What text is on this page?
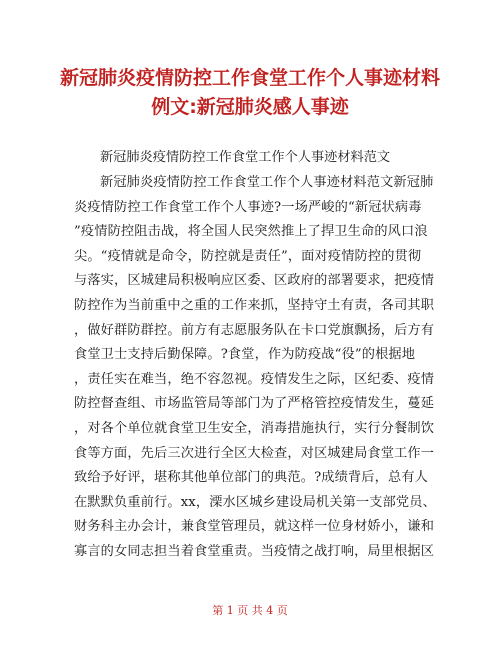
新冠肺炎疫情防控工作食堂工作个人事迹材料
例文:新冠肺炎感人事迹

新冠肺炎疫情防控工作食堂工作个人事迹材料范文

新冠肺炎疫情防控工作食堂工作个人事迹材料范文新冠肺
炎疫情防控工作食堂工作个人事迹?一场严峻的“新冠状病毒
”疫情防控阻击战，将全国人民突然推上了捍卫生命的风口浪
尖。“疫情就是命令，防控就是责任”，面对疫情防控的贯彻
与落实，区城建局积极响应区委、区政府的部署要求，把疫情
防控作为当前重中之重的工作来抓，坚持守土有责，各司其职
，做好群防群控。前方有志愿服务队在卡口党旗飘扬，后方有
食堂卫士支持后勤保障。?食堂，作为防疫战“役”的根据地
，责任实在难当，绝不容忽视。疫情发生之际，区纪委、疫情
防控督查组、市场监管局等部门为了严格管控疫情发生，蔓延
，对各个单位就食堂卫生安全，消毒措施执行，实行分餐制饮
食等方面，先后三次进行全区大检查，对区城建局食堂工作一
致给予好评，堪称其他单位部门的典范。?成绩背后，总有人
在默默负重前行。xx，溧水区城乡建设局机关第一支部党员、
财务科主办会计，兼食堂管理员，就这样一位身材娇小，谦和
寡言的女同志担当着食堂重责。当疫情之战打响，局里根据区
第 1 页 共 4 页
